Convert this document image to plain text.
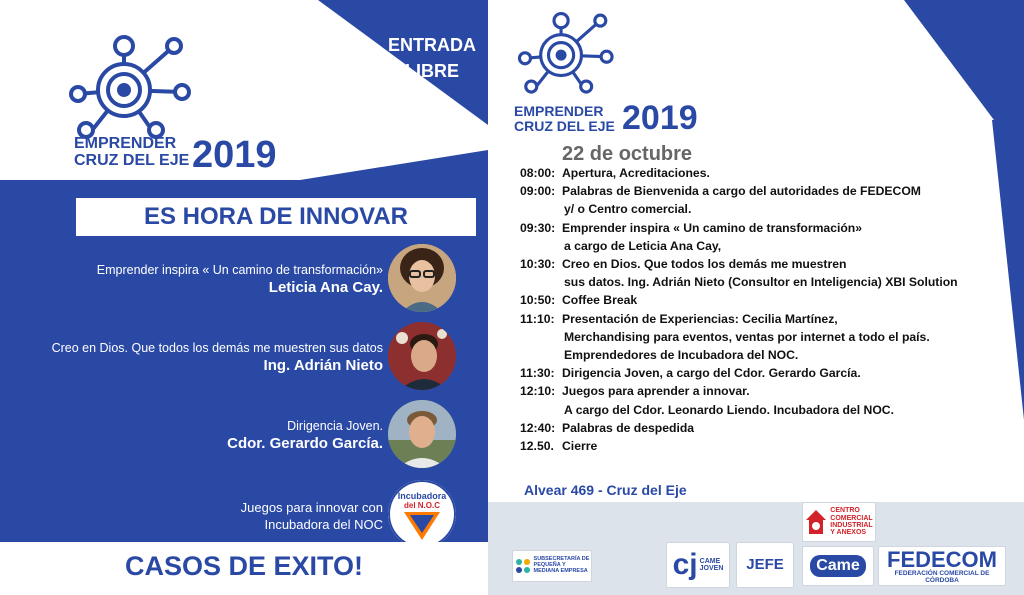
ENTRADA
LIBRE
EMPRENDER
CRUZ DEL EJE 2019
ES HORA DE INNOVAR
Emprender inspira « Un camino de transformación»
Leticia Ana Cay.
Creo en Dios. Que todos los demás me muestren sus datos
Ing. Adrián Nieto
Dirigencia Joven.
Cdor. Gerardo García.
Juegos para innovar con
Incubadora del NOC
Incubadora
del N.O.C
CASOS DE EXITO!
EMPRENDER
CRUZ DEL EJE 2019
22 de octubre
08:00: Apertura, Acreditaciones.
09:00: Palabras de Bienvenida a cargo del autoridades de FEDECOM
y/ o Centro comercial.
09:30: Emprender inspira « Un camino de transformación»
a cargo de Leticia Ana Cay,
10:30: Creo en Dios. Que todos los demás me muestren
sus datos. Ing. Adrián Nieto (Consultor en Inteligencia) XBI Solution
10:50: Coffee Break
11:10: Presentación de Experiencias: Cecilia Martínez,
Merchandising para eventos, ventas por internet a todo el país.
Emprendedores de Incubadora del NOC.
11:30: Dirigencia Joven, a cargo del Cdor. Gerardo García.
12:10: Juegos para aprender a innovar.
A cargo del Cdor. Leonardo Liendo. Incubadora del NOC.
12:40: Palabras de despedida
12.50. Cierre
Alvear 469 - Cruz del Eje
CENTRO
COMERCIAL
INDUSTRIAL
Y ANEXOS
SUBSECRETARÍA DE
PEQUEÑA Y
MEDIANA EMPRESA	cj CAME
JOVEN JEFE	Came FEDECOM
FEDERACIÓN COMERCIAL DE CÓRDOBA
